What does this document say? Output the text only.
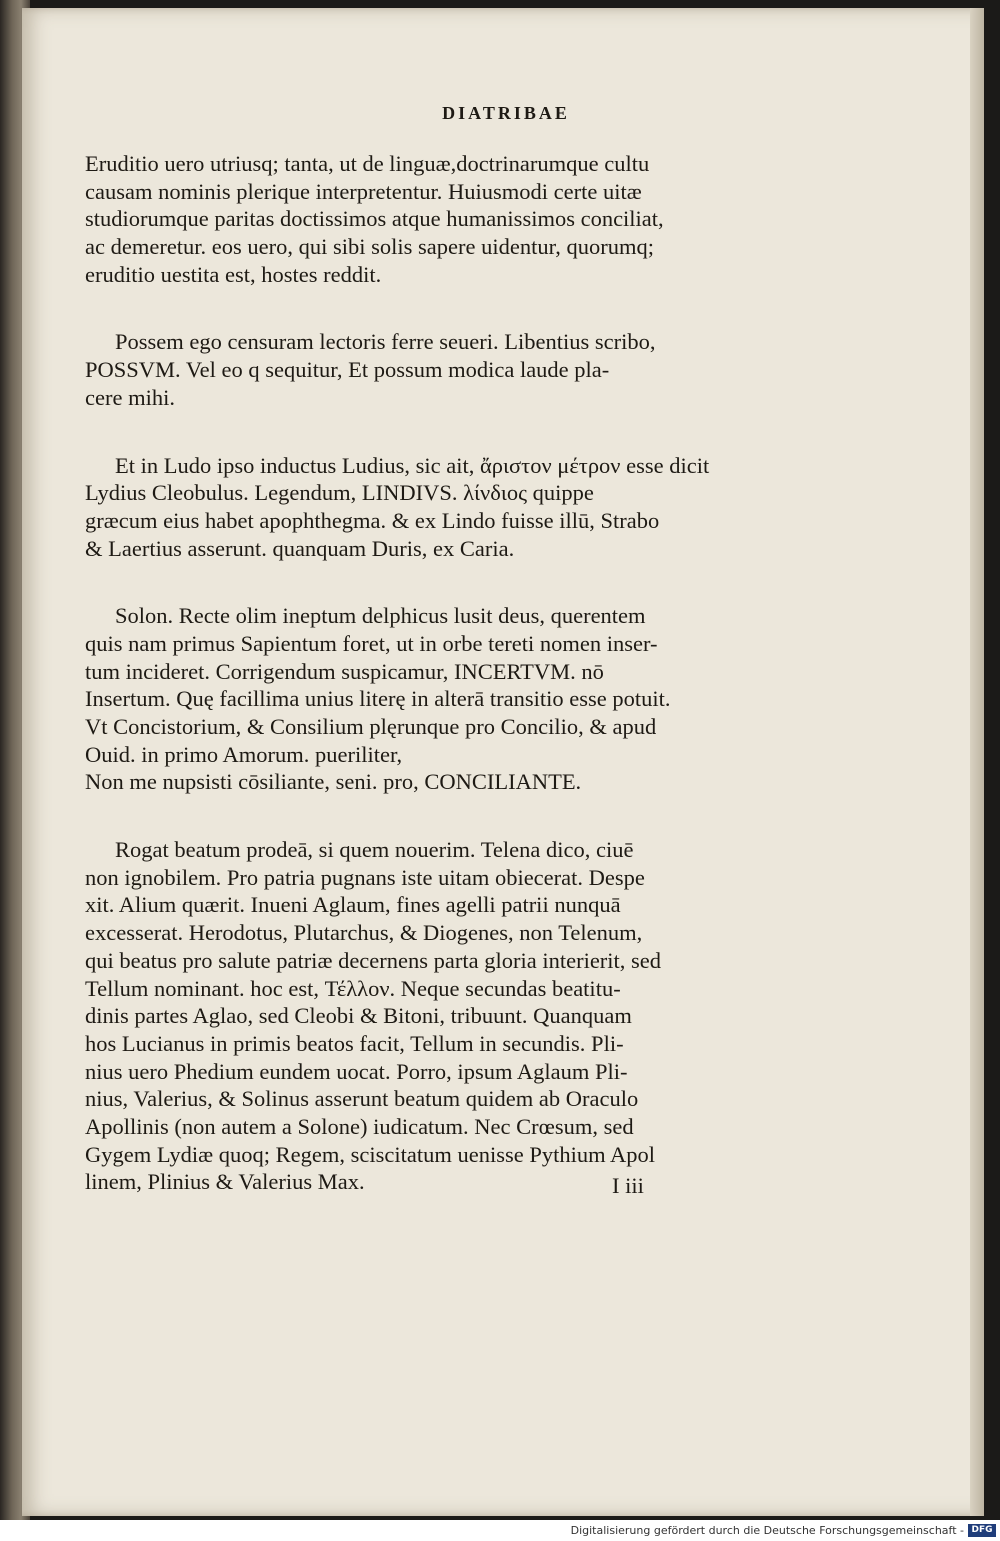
DIATRIBAE
Eruditio uero utriusq; tanta, ut de linguæ,doctrinarumque cultu
causam nominis plerique interpretentur. Huiusmodi certe uitæ
studiorumque paritas doctissimos atque humanissimos conciliat,
ac demeretur. eos uero, qui sibi solis sapere uidentur, quorumq;
eruditio uestita est, hostes reddit.
Possem ego censuram lectoris ferre seueri. Libentius scribo,
POSSVM. Vel eo q sequitur, Et possum modica laude pla-
cere mihi.
Et in Ludo ipso inductus Ludius, sic ait, ἄριστον μέτρον esse dicit
Lydius Cleobulus. Legendum, LINDIVS. λίνδιος quippe
græcum eius habet apophthegma. & ex Lindo fuisse illū, Strabo
& Laertius asserunt. quanquam Duris, ex Caria.
Solon. Recte olim ineptum delphicus lusit deus, querentem
quis nam primus Sapientum foret, ut in orbe tereti nomen inser-
tum incideret. Corrigendum suspicamur, INCERTVM. nō
Insertum. Quę facillima unius literę in alterā transitio esse potuit.
Vt Concistorium, & Consilium plęrunque pro Concilio, & apud
Ouid. in primo Amorum. pueriliter,
Non me nupsisti cōsiliante, seni. pro, CONCILIANTE.
Rogat beatum prodeā, si quem nouerim. Telena dico, ciuē
non ignobilem. Pro patria pugnans iste uitam obiecerat. Despe
xit. Alium quærit. Inueni Aglaum, fines agelli patrii nunquā
excesserat. Herodotus, Plutarchus, & Diogenes, non Telenum,
qui beatus pro salute patriæ decernens parta gloria interierit, sed
Tellum nominant. hoc est, Τέλλον. Neque secundas beatitu-
dinis partes Aglao, sed Cleobi & Bitoni, tribuunt. Quanquam
hos Lucianus in primis beatos facit, Tellum in secundis. Pli-
nius uero Phedium eundem uocat. Porro, ipsum Aglaum Pli-
nius, Valerius, & Solinus asserunt beatum quidem ab Oraculo
Apollinis (non autem a Solone) iudicatum. Nec Crœsum, sed
Gygem Lydiæ quoq; Regem, sciscitatum uenisse Pythium Apol
linem, Plinius & Valerius Max.	I iii
Digitalisierung gefördert durch die Deutsche Forschungsgemeinschaft - DFG
